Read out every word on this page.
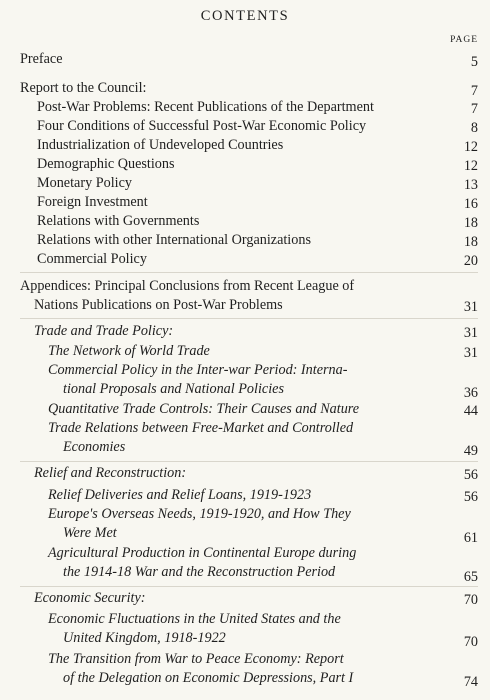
CONTENTS
PAGE
Preface	5
Report to the Council:	7
Post-War Problems: Recent Publications of the Department	7
Four Conditions of Successful Post-War Economic Policy	8
Industrialization of Undeveloped Countries	12
Demographic Questions	12
Monetary Policy	13
Foreign Investment	16
Relations with Governments	18
Relations with other International Organizations	18
Commercial Policy	20
Appendices: Principal Conclusions from Recent League of
Nations Publications on Post-War Problems	31
Trade and Trade Policy:	31
The Network of World Trade	31
Commercial Policy in the Inter-war Period: Interna-
tional Proposals and National Policies	36
Quantitative Trade Controls: Their Causes and Nature	44
Trade Relations between Free-Market and Controlled
Economies	49
Relief and Reconstruction:	56
Relief Deliveries and Relief Loans, 1919-1923	56
Europe's Overseas Needs, 1919-1920, and How They
Were Met	61
Agricultural Production in Continental Europe during
the 1914-18 War and the Reconstruction Period	65
Economic Security:	70
Economic Fluctuations in the United States and the
United Kingdom, 1918-1922	70
The Transition from War to Peace Economy: Report
of the Delegation on Economic Depressions, Part I	74
